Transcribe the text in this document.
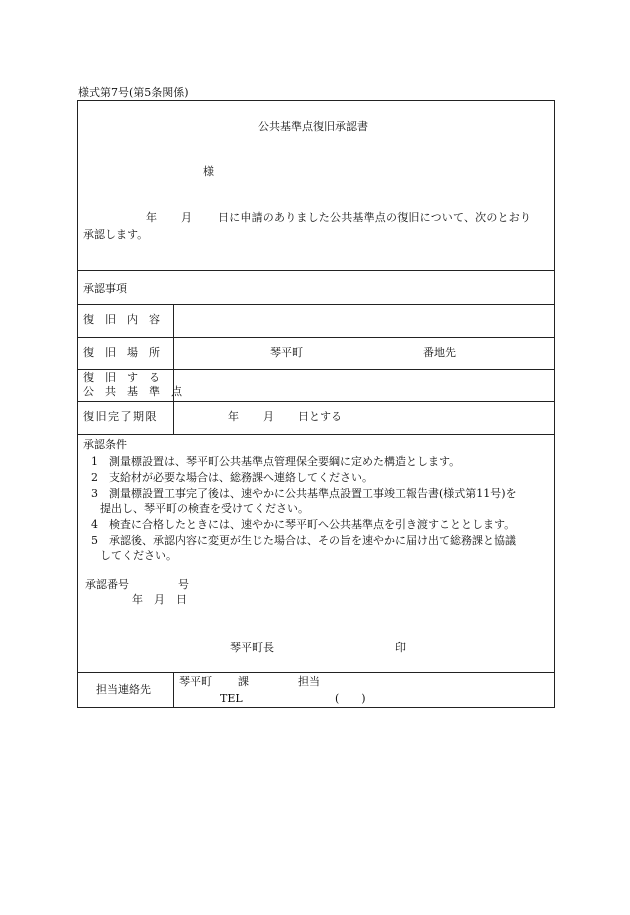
様式第7号(第5条関係)
公共基準点復旧承認書
様
年 月 日に申請のありました公共基準点の復旧について、次のとおり
承認します。
承認事項
復　旧　内　容
復　旧　場　所	琴平町	番地先
復　旧　す　る
公　共　基　準　点
復旧完了期限	年 月 日とする
承認条件
1　測量標設置は、琴平町公共基準点管理保全要綱に定めた構造とします。
2　支給材が必要な場合は、総務課へ連絡してください。
3　測量標設置工事完了後は、速やかに公共基準点設置工事竣工報告書(様式第11号)を
提出し、琴平町の検査を受けてください。
4　検査に合格したときには、速やかに琴平町へ公共基準点を引き渡すこととします。
5　承認後、承認内容に変更が生じた場合は、その旨を速やかに届け出て総務課と協議
してください。
承認番号	号
年　月　日
琴平町長	印
担当連絡先
琴平町 課	担当
TEL	(　　)
